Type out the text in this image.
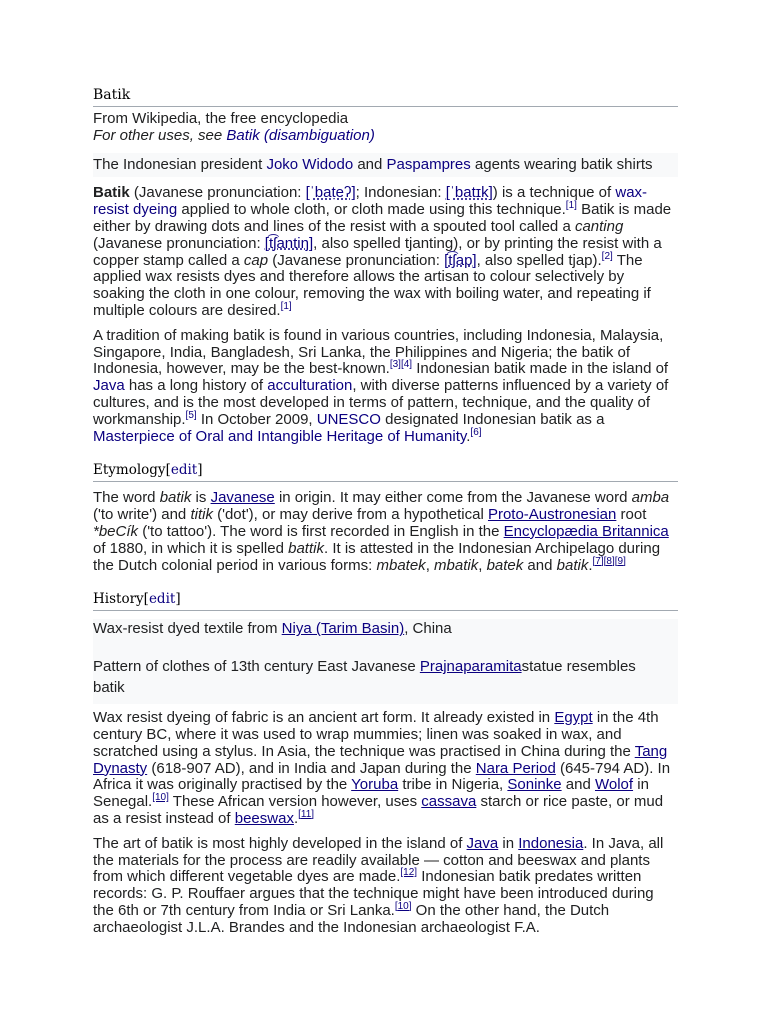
Batik
From Wikipedia, the free encyclopedia
For other uses, see Batik (disambiguation)
The Indonesian president Joko Widodo and Paspampres agents wearing batik shirts

Batik (Javanese pronunciation: [ˈbaṭeʔ]; Indonesian: [ˈbatɪk]) is a technique of wax-resist dyeing applied to whole cloth, or cloth made using this technique.[1] Batik is made either by drawing dots and lines of the resist with a spouted tool called a canting (Javanese pronunciation: [t͡ʃantiŋ], also spelled tjanting), or by printing the resist with a copper stamp called a cap (Javanese pronunciation: [t͡ʃap], also spelled tjap).[2] The applied wax resists dyes and therefore allows the artisan to colour selectively by soaking the cloth in one colour, removing the wax with boiling water, and repeating if multiple colours are desired.[1]

A tradition of making batik is found in various countries, including Indonesia, Malaysia, Singapore, India, Bangladesh, Sri Lanka, the Philippines and Nigeria; the batik of Indonesia, however, may be the best-known.[3][4] Indonesian batik made in the island of Java has a long history of acculturation, with diverse patterns influenced by a variety of cultures, and is the most developed in terms of pattern, technique, and the quality of workmanship.[5] In October 2009, UNESCO designated Indonesian batik as a Masterpiece of Oral and Intangible Heritage of Humanity.[6]

Etymology[edit]

The word batik is Javanese in origin. It may either come from the Javanese word amba ('to write') and titik ('dot'), or may derive from a hypothetical Proto-Austronesian root *beCík ('to tattoo'). The word is first recorded in English in the Encyclopædia Britannica of 1880, in which it is spelled battik. It is attested in the Indonesian Archipelago during the Dutch colonial period in various forms: mbatek, mbatik, batek and batik.[7][8][9]

History[edit]
Wax-resist dyed textile from Niya (Tarim Basin), China
Pattern of clothes of 13th century East Javanese Prajnaparamitastatue resembles batik

Wax resist dyeing of fabric is an ancient art form. It already existed in Egypt in the 4th century BC, where it was used to wrap mummies; linen was soaked in wax, and scratched using a stylus. In Asia, the technique was practised in China during the Tang Dynasty (618-907 AD), and in India and Japan during the Nara Period (645-794 AD). In Africa it was originally practised by the Yoruba tribe in Nigeria, Soninke and Wolof in Senegal.[10] These African version however, uses cassava starch or rice paste, or mud as a resist instead of beeswax.[11]

The art of batik is most highly developed in the island of Java in Indonesia. In Java, all the materials for the process are readily available — cotton and beeswax and plants from which different vegetable dyes are made.[12] Indonesian batik predates written records: G. P. Rouffaer argues that the technique might have been introduced during the 6th or 7th century from India or Sri Lanka.[10] On the other hand, the Dutch archaeologist J.L.A. Brandes and the Indonesian archaeologist F.A.
